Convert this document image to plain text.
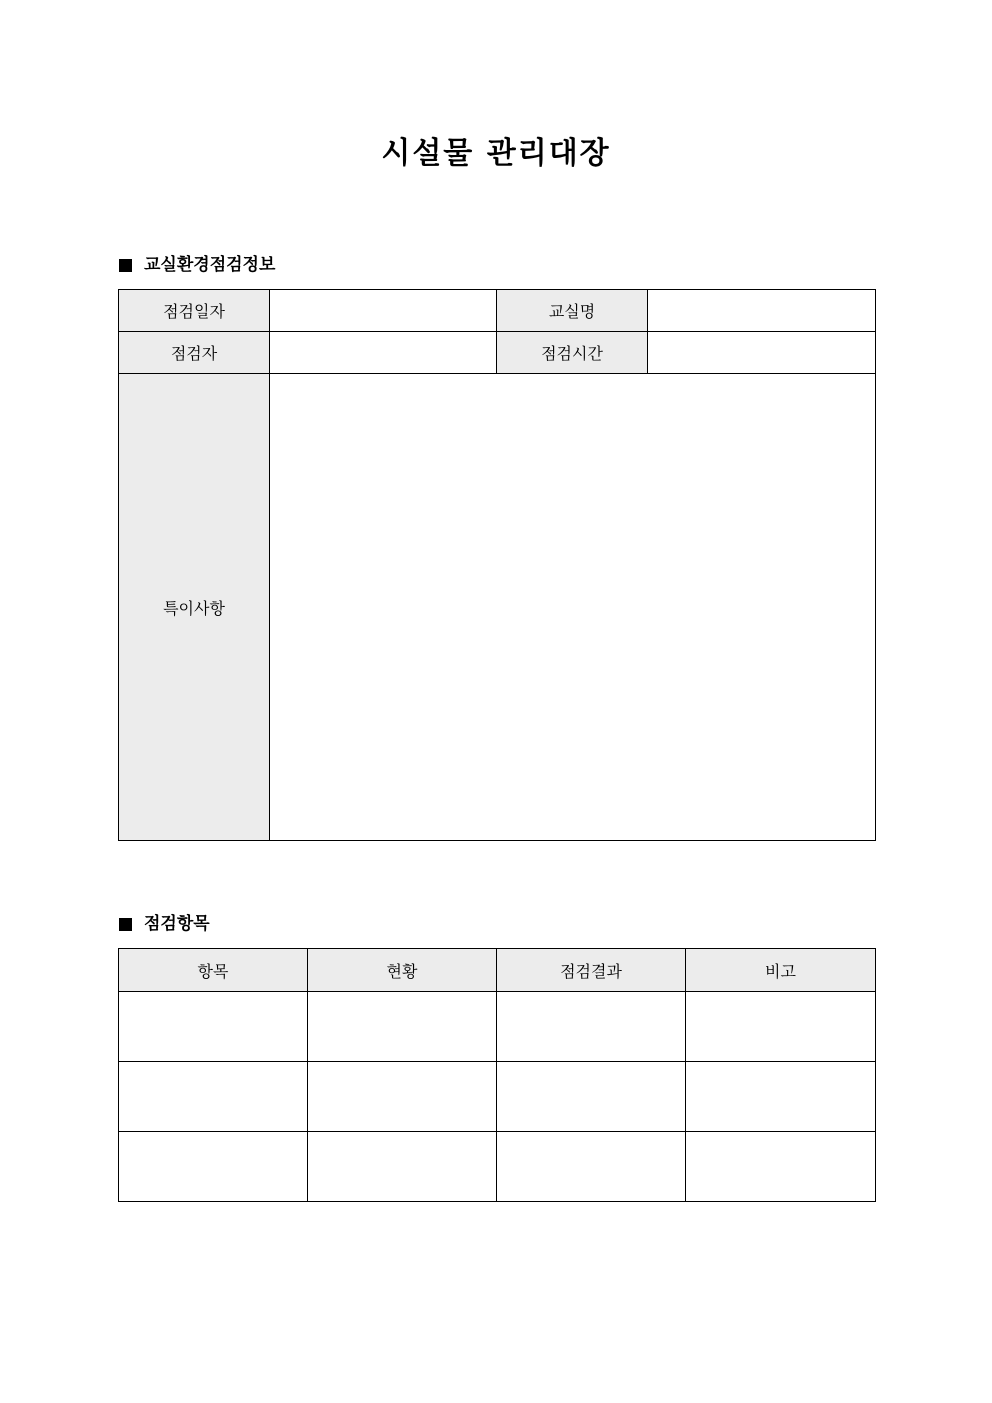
시설물 관리대장
교실환경점검정보
점검일자		교실명	
점검자		점검시간	
특이사항			
점검항목
항목	현황	점검결과	비고
